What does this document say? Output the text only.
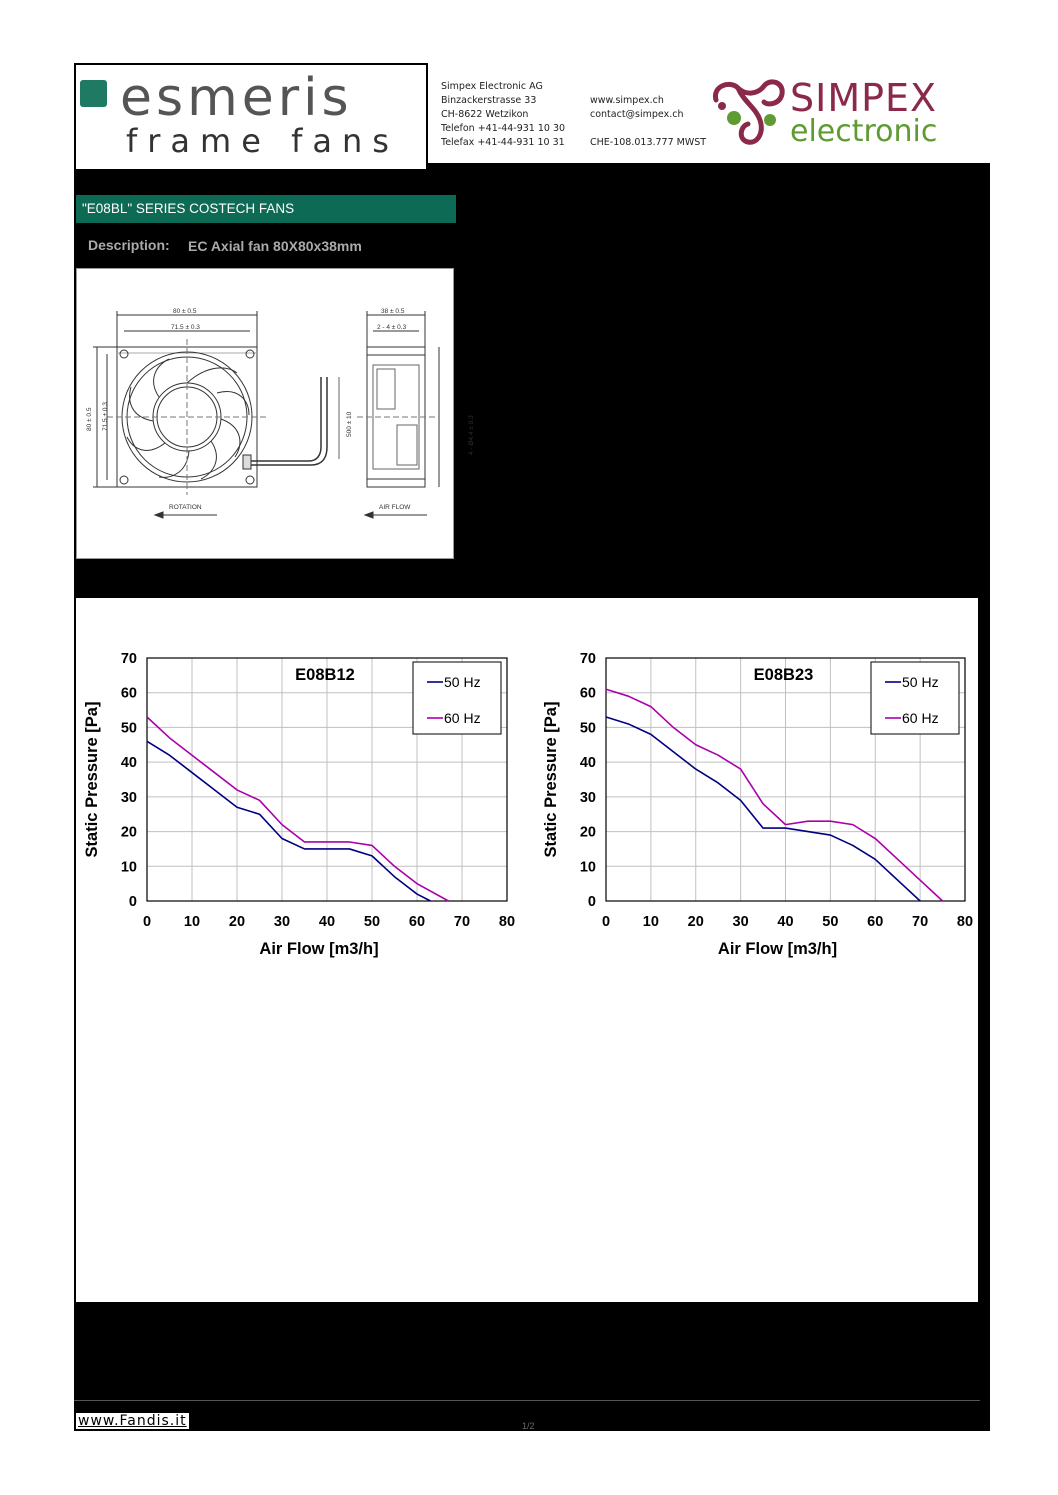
esmeris
frame fans
Simpex Electronic AG
Binzackerstrasse 33
CH-8622 Wetzikon
Telefon +41-44-931 10 30
Telefax +41-44-931 10 31
www.simpex.ch
contact@simpex.ch
CHE-108.013.777 MWST
SIMPEX
electronic
"E08BL" SERIES COSTECH FANS
Description: EC Axial fan 80X80x38mm
80 ± 0.5
71.5 ± 0.3
80 ± 0.5 71.5 ± 0.3	500 ± 10
38 ± 0.5
2 - 4 ± 0.3
4 - Ø4.4 ± 0.3
ROTATION	AIR FLOW
0 10 20 30 40 50 60 70 80
0
10
20
30
40
50
60
70
Air Flow [m3/h]
Static Pressure [Pa]
E08B12	50 Hz
60 Hz
0 10 20 30 40 50 60 70 80
0
10
20
30
40
50
60
70
Air Flow [m3/h]
Static Pressure [Pa]
E08B23	50 Hz
60 Hz
www.Fandis.it	1/2
